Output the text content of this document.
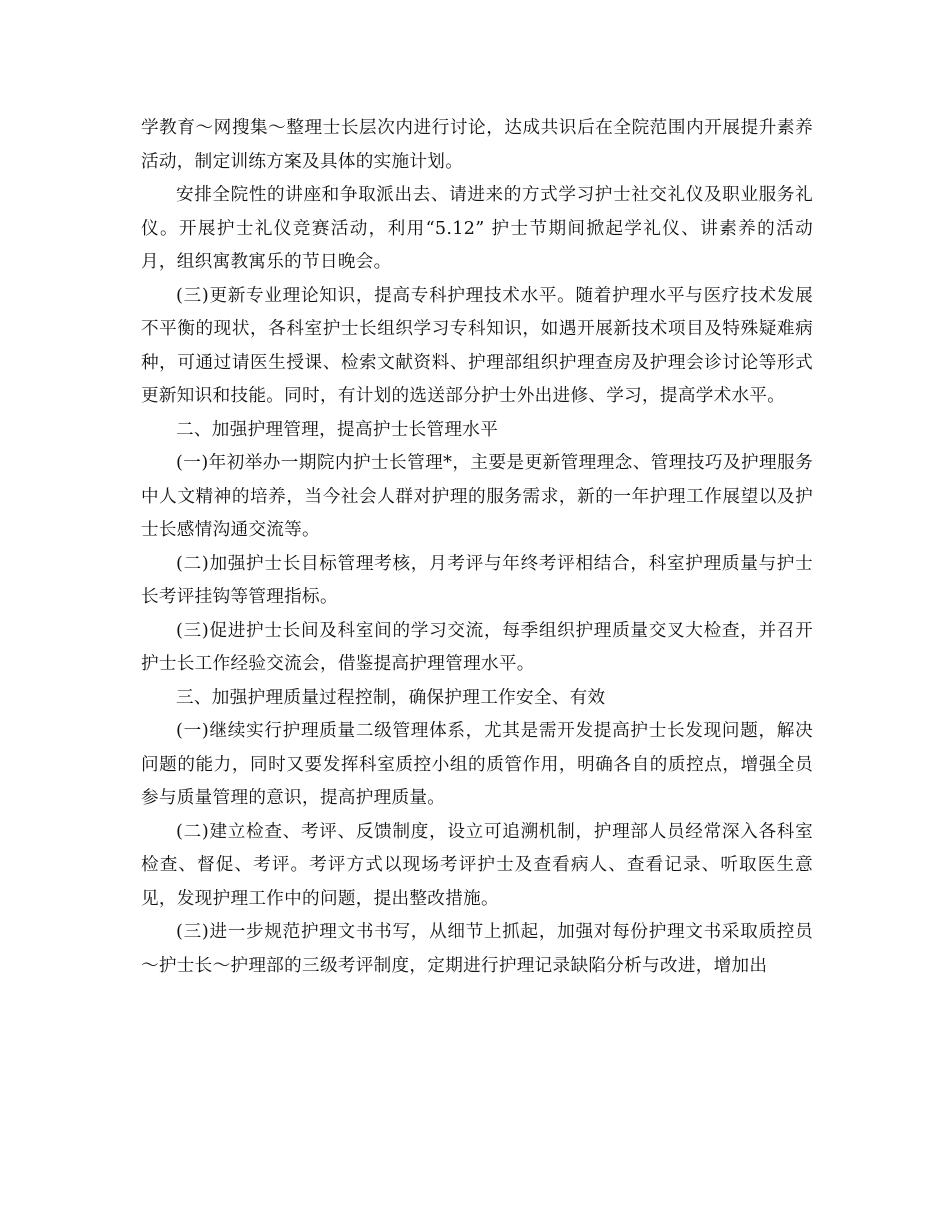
学教育～网搜集～整理士长层次内进行讨论，达成共识后在全院范围内开展提升素养活动，制定训练方案及具体的实施计划。

安排全院性的讲座和争取派出去、请进来的方式学习护士社交礼仪及职业服务礼仪。开展护士礼仪竞赛活动，利用“5.12” 护士节期间掀起学礼仪、讲素养的活动月，组织寓教寓乐的节日晚会。

(三)更新专业理论知识，提高专科护理技术水平。随着护理水平与医疗技术发展不平衡的现状，各科室护士长组织学习专科知识，如遇开展新技术项目及特殊疑难病种，可通过请医生授课、检索文献资料、护理部组织护理查房及护理会诊讨论等形式更新知识和技能。同时，有计划的选送部分护士外出进修、学习，提高学术水平。

二、加强护理管理，提高护士长管理水平

(一)年初举办一期院内护士长管理*，主要是更新管理理念、管理技巧及护理服务中人文精神的培养，当今社会人群对护理的服务需求，新的一年护理工作展望以及护士长感情沟通交流等。

(二)加强护士长目标管理考核，月考评与年终考评相结合，科室护理质量与护士长考评挂钩等管理指标。

(三)促进护士长间及科室间的学习交流，每季组织护理质量交叉大检查，并召开护士长工作经验交流会，借鉴提高护理管理水平。

三、加强护理质量过程控制，确保护理工作安全、有效

(一)继续实行护理质量二级管理体系，尤其是需开发提高护士长发现问题，解决问题的能力，同时又要发挥科室质控小组的质管作用，明确各自的质控点，增强全员参与质量管理的意识，提高护理质量。

(二)建立检查、考评、反馈制度，设立可追溯机制，护理部人员经常深入各科室检查、督促、考评。考评方式以现场考评护士及查看病人、查看记录、听取医生意见，发现护理工作中的问题，提出整改措施。

(三)进一步规范护理文书书写，从细节上抓起，加强对每份护理文书采取质控员～护士长～护理部的三级考评制度，定期进行护理记录缺陷分析与改进，增加出
